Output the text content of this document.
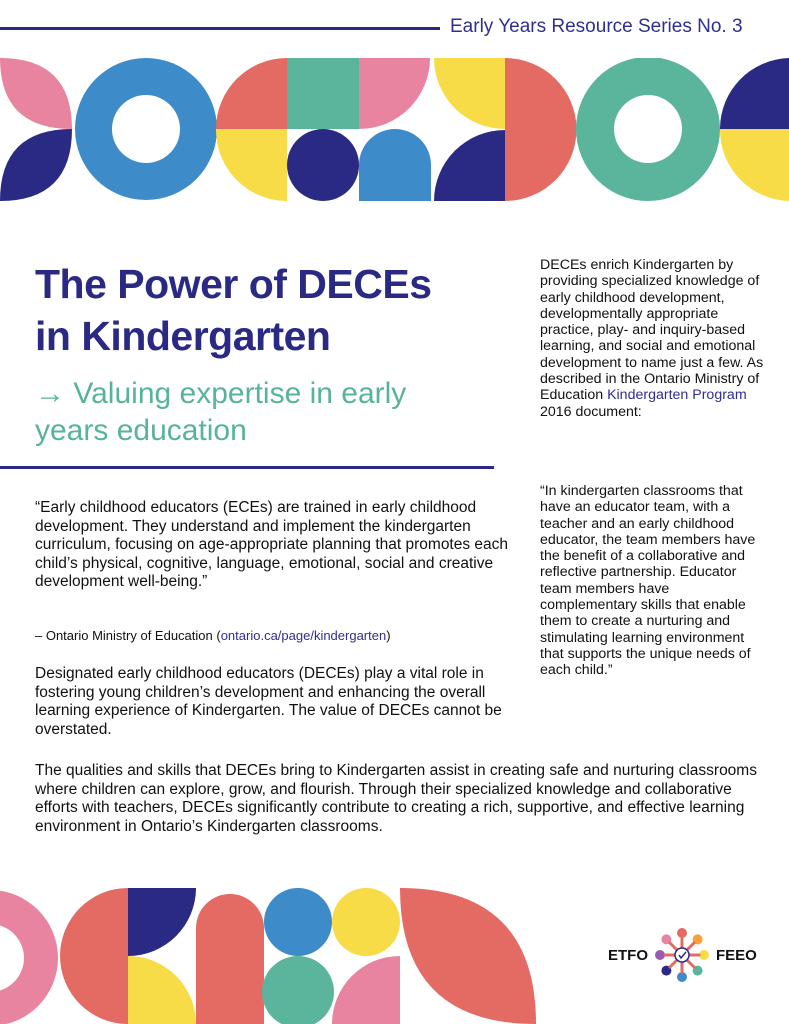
Early Years Resource Series No. 3
The Power of DECEs
in Kindergarten
→ Valuing expertise in early
years education

“Early childhood educators (ECEs) are trained in early childhood development. They understand and implement the kindergarten curriculum, focusing on age-appropriate planning that promotes each child’s physical, cognitive, language, emotional, social and creative development well-being.”

– Ontario Ministry of Education (ontario.ca/page/kindergarten)

Designated early childhood educators (DECEs) play a vital role in fostering young children’s development and enhancing the overall learning experience of Kindergarten. The value of DECEs cannot be overstated.

DECEs enrich Kindergarten by providing specialized knowledge of early childhood development, developmentally appropriate practice, play- and inquiry-based learning, and social and emotional development to name just a few. As described in the Ontario Ministry of Education Kindergarten Program 2016 document:

“In kindergarten classrooms that have an educator team, with a teacher and an early childhood educator, the team members have the benefit of a collaborative and reflective partnership. Educator team members have complementary skills that enable them to create a nurturing and stimulating learning environment that supports the unique needs of each child.”

The qualities and skills that DECEs bring to Kindergarten assist in creating safe and nurturing classrooms where children can explore, grow, and flourish. Through their specialized knowledge and collaborative efforts with teachers, DECEs significantly contribute to creating a rich, supportive, and effective learning environment in Ontario’s Kindergarten classrooms.

ETFO	FEEO
